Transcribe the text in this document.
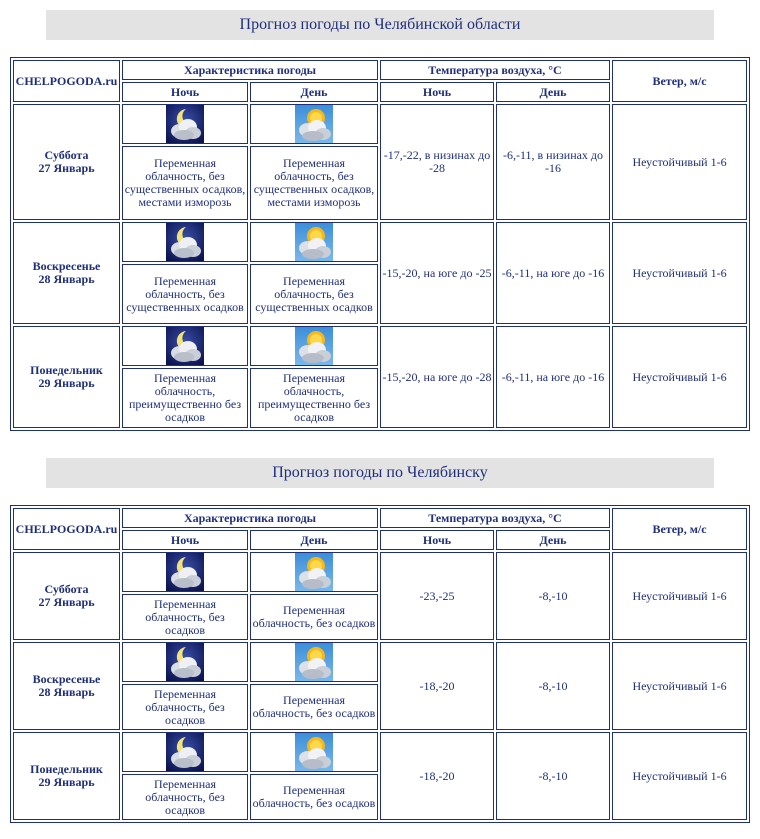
Прогноз погоды по Челябинской области
CHELPOGODA.ru	Характеристика погоды		Температура воздуха, °С		Ветер, м/с
	Ночь	День	Ночь	День	
Суббота
27 Январь			-17,-22, в низинах до -28	-6,-11, в низинах до -16	Неустойчивый 1-6
	Переменная облачность, без существенных осадков, местами изморозь	Переменная облачность, без существенных осадков, местами изморозь			
Воскресенье
28 Январь			-15,-20, на юге до -25	-6,-11, на юге до -16	Неустойчивый 1-6
	Переменная облачность, без существенных осадков	Переменная облачность, без существенных осадков			
Понедельник
29 Январь			-15,-20, на юге до -28	-6,-11, на юге до -16	Неустойчивый 1-6
	Переменная облачность, преимущественно без осадков	Переменная облачность, преимущественно без осадков			
Прогноз погоды по Челябинску
CHELPOGODA.ru	Характеристика погоды		Температура воздуха, °С		Ветер, м/с
	Ночь	День	Ночь	День	
Суббота
27 Январь			-23,-25	-8,-10	Неустойчивый 1-6
	Переменная облачность, без осадков	Переменная облачность, без осадков			
Воскресенье
28 Январь			-18,-20	-8,-10	Неустойчивый 1-6
	Переменная облачность, без осадков	Переменная облачность, без осадков			
Понедельник
29 Январь			-18,-20	-8,-10	Неустойчивый 1-6
	Переменная облачность, без осадков	Переменная облачность, без осадков			
